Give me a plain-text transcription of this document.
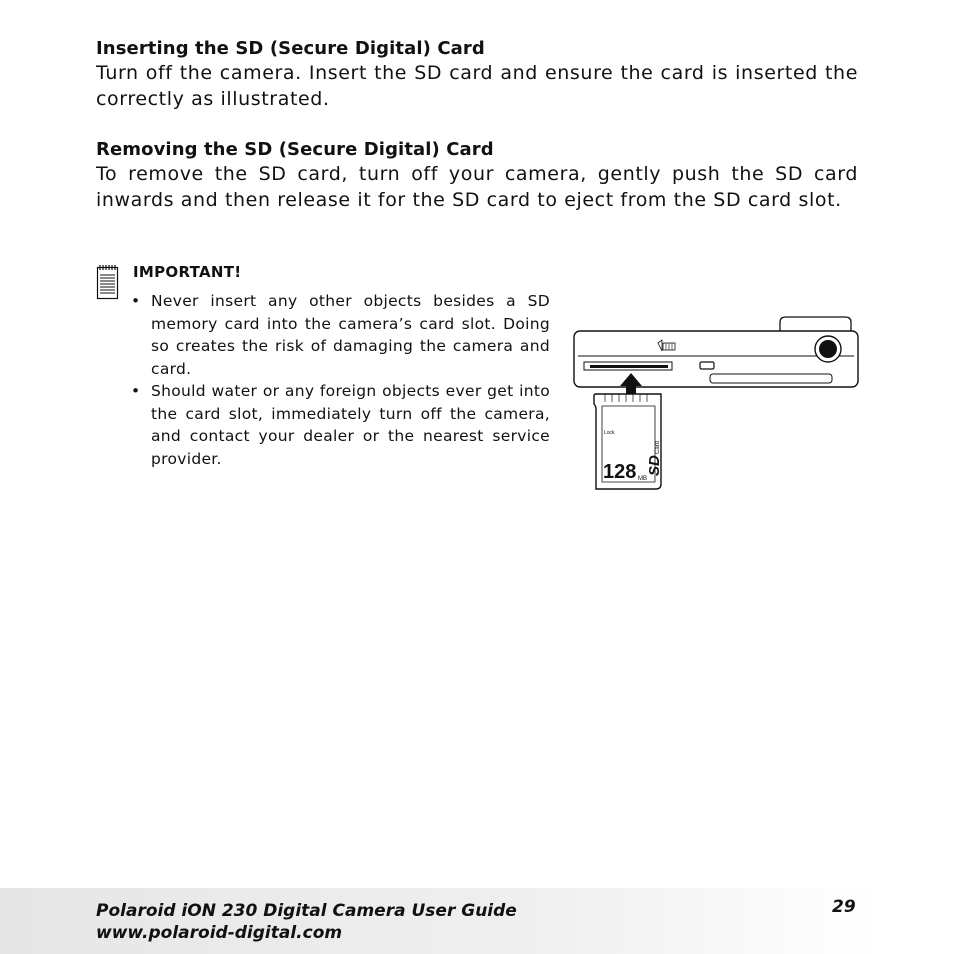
Inserting the SD (Secure Digital) Card

Turn off the camera. Insert the SD card and ensure the card is inserted the correctly as illustrated.

Removing the SD (Secure Digital) Card

To remove the SD card, turn off your camera, gently push the SD card inwards and then release it for the SD card to eject from the SD card slot.

IMPORTANT!

• Never insert any other objects besides a SD memory card into the camera’s card slot. Doing so creates the risk of damaging the camera and card.
• Should water or any foreign objects ever get into the card slot, immediately turn off the camera, and contact your dealer or the nearest service provider.
Lock
128 MB
SD
Card

Polaroid iON 230 Digital Camera User Guide

www.polaroid-digital.com

29
